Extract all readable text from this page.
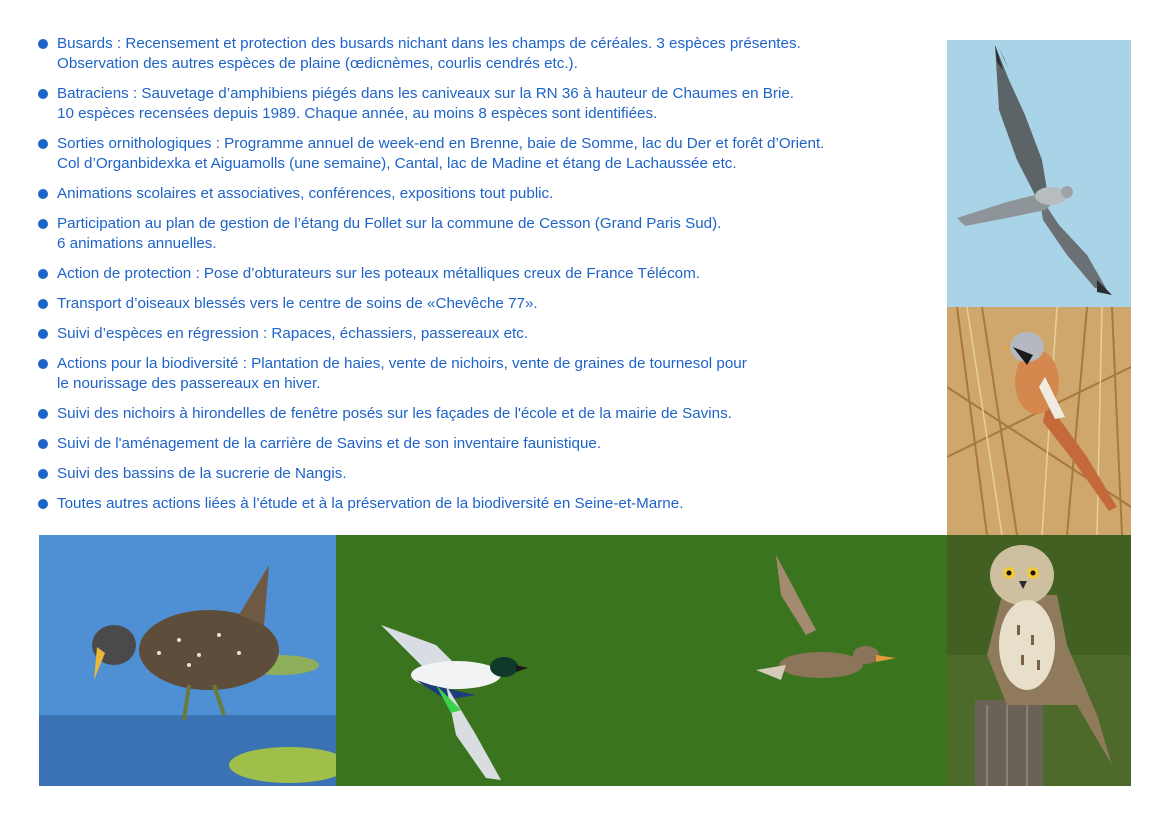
Busards : Recensement et protection des busards nichant dans les champs de céréales. 3 espèces présentes.
Observation des autres espèces de plaine (œdicnèmes, courlis cendrés etc.).
Batraciens : Sauvetage d’amphibiens piégés dans les caniveaux sur la RN 36 à hauteur de Chaumes en Brie.
10 espèces recensées depuis 1989. Chaque année, au moins 8 espèces sont identifiées.
Sorties ornithologiques : Programme annuel de week-end en Brenne, baie de Somme, lac du Der et forêt d’Orient.
Col d’Organbidexka et Aiguamolls (une semaine), Cantal, lac de Madine et étang de Lachaussée etc.
Animations scolaires et associatives, conférences, expositions tout public.
Participation au plan de gestion de l’étang du Follet sur la commune de Cesson (Grand Paris Sud).
6 animations annuelles.
Action de protection : Pose d’obturateurs sur les poteaux métalliques creux de France Télécom.
Transport d’oiseaux blessés vers le centre de soins de «Chevêche 77».
Suivi d’espèces en régression : Rapaces, échassiers, passereaux etc.
Actions pour la biodiversité : Plantation de haies, vente de nichoirs, vente de graines de tournesol pour
le nourissage des passereaux en hiver.
Suivi des nichoirs à hirondelles de fenêtre posés sur les façades de l'école et de la mairie de Savins.
Suivi de l'aménagement de la carrière de Savins et de son inventaire faunistique.
Suivi des bassins de la sucrerie de Nangis.
Toutes autres actions liées à l’étude et à la préservation de la biodiversité en Seine-et-Marne.
